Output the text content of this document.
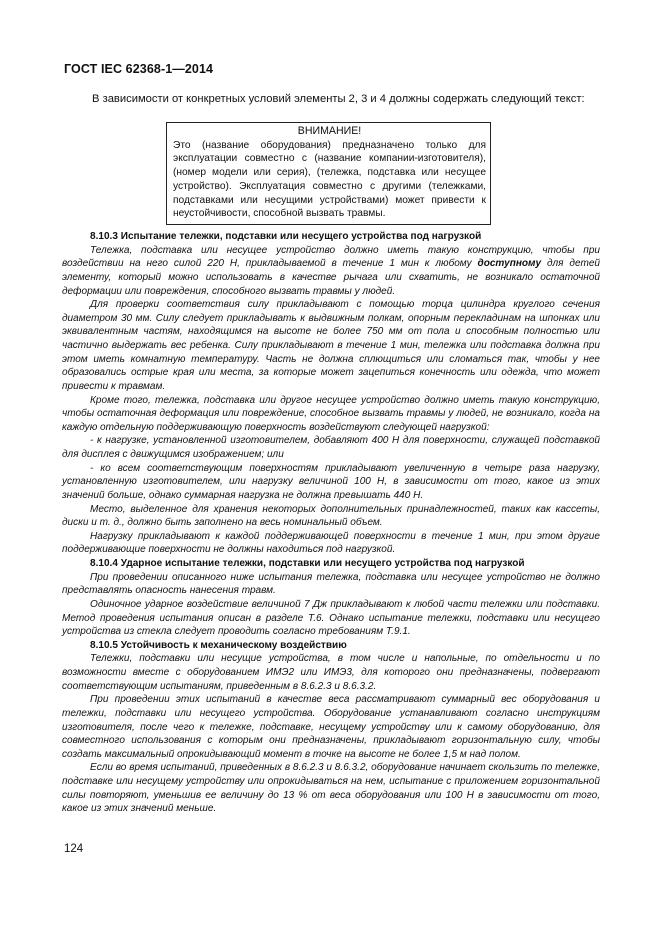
ГОСТ IEC 62368-1—2014
В зависимости от конкретных условий элементы 2, 3 и 4 должны содержать следующий текст:
ВНИМАНИЕ!
Это (название оборудования) предназначено только для эксплуатации совместно с (название компании-изготовителя), (номер модели или серия), (тележка, подставка или несущее устройство). Эксплуатация совместно с другими (тележками, подставками или несущими устройствами) может привести к неустойчивости, способной вызвать травмы.

8.10.3 Испытание тележки, подставки или несущего устройства под нагрузкой

Тележка, подставка или несущее устройство должно иметь такую конструкцию, чтобы при воздействии на него силой 220 Н, прикладываемой в течение 1 мин к любому доступному для детей элементу, который можно использовать в качестве рычага или схватить, не возникало остаточной деформации или повреждения, способного вызвать травмы у людей.

Для проверки соответствия силу прикладывают с помощью торца цилиндра круглого сечения диаметром 30 мм. Силу следует прикладывать к выдвижным полкам, опорным перекладинам на шпонках или эквивалентным частям, находящимся на высоте не более 750 мм от пола и способным полностью или частично выдержать вес ребенка. Силу прикладывают в течение 1 мин, тележка или подставка должна при этом иметь комнатную температуру. Часть не должна сплющиться или сломаться так, чтобы у нее образовались острые края или места, за которые может зацепиться конечность или одежда, что может привести к травмам.

Кроме того, тележка, подставка или другое несущее устройство должно иметь такую конструкцию, чтобы остаточная деформация или повреждение, способное вызвать травмы у людей, не возникало, когда на каждую отдельную поддерживающую поверхность воздействуют следующей нагрузкой:

- к нагрузке, установленной изготовителем, добавляют 400 Н для поверхности, служащей подставкой для дисплея с движущимся изображением; или

- ко всем соответствующим поверхностям прикладывают увеличенную в четыре раза нагрузку, установленную изготовителем, или нагрузку величиной 100 Н, в зависимости от того, какое из этих значений больше, однако суммарная нагрузка не должна превышать 440 Н.

Место, выделенное для хранения некоторых дополнительных принадлежностей, таких как кассеты, диски и т. д., должно быть заполнено на весь номинальный объем.

Нагрузку прикладывают к каждой поддерживающей поверхности в течение 1 мин, при этом другие поддерживающие поверхности не должны находиться под нагрузкой.

8.10.4 Ударное испытание тележки, подставки или несущего устройства под нагрузкой

При проведении описанного ниже испытания тележка, подставка или несущее устройство не должно представлять опасность нанесения травм.

Одиночное ударное воздействие величиной 7 Дж прикладывают к любой части тележки или подставки. Метод проведения испытания описан в разделе Т.6. Однако испытание тележки, подставки или несущего устройства из стекла следует проводить согласно требованиям Т.9.1.

8.10.5 Устойчивость к механическому воздействию

Тележки, подставки или несущие устройства, в том числе и напольные, по отдельности и по возможности вместе с оборудованием ИМЭ2 или ИМЭ3, для которого они предназначены, подвергают соответствующим испытаниям, приведенным в 8.6.2.3 и 8.6.3.2.

При проведении этих испытаний в качестве веса рассматривают суммарный вес оборудования и тележки, подставки или несущего устройства. Оборудование устанавливают согласно инструкциям изготовителя, после чего к тележке, подставке, несущему устройству или к самому оборудованию, для совместного использования с которым они предназначены, прикладывают горизонтальную силу, чтобы создать максимальный опрокидывающий момент в точке на высоте не более 1,5 м над полом.

Если во время испытаний, приведенных в 8.6.2.3 и 8.6.3.2, оборудование начинает скользить по тележке, подставке или несущему устройству или опрокидываться на нем, испытание с приложением горизонтальной силы повторяют, уменьшив ее величину до 13 % от веса оборудования или 100 Н в зависимости от того, какое из этих значений меньше.

124
